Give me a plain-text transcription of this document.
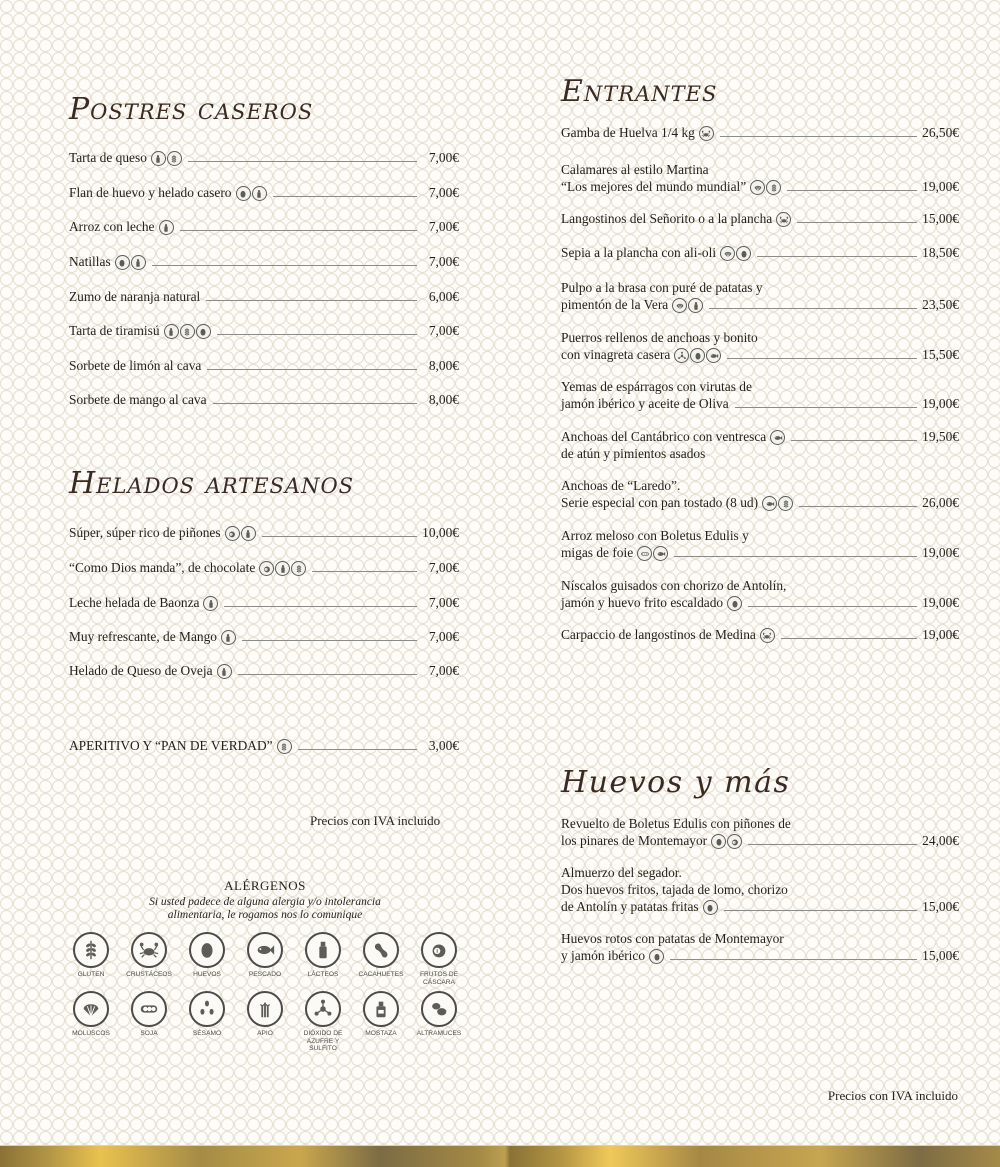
Postres caseros
Tarta de queso	7,00€
Flan de huevo y helado casero	7,00€
Arroz con leche	7,00€
Natillas	7,00€
Zumo de naranja natural	6,00€
Tarta de tiramisú	7,00€
Sorbete de limón al cava	8,00€
Sorbete de mango al cava	8,00€
Helados artesanos
Súper, súper rico de piñones	10,00€
“Como Dios manda”, de chocolate	7,00€
Leche helada de Baonza	7,00€
Muy refrescante, de Mango	7,00€
Helado de Queso de Oveja	7,00€
APERITIVO Y “PAN DE VERDAD”	3,00€
Precios con IVA incluido
ALÉRGENOS
Si usted padece de alguna alergia y/o intolerancia
alimentaria, le rogamos nos lo comunique
GLUTEN	CRUSTÁCEOS	HUEVOS	PESCADO	LÁCTEOS	CACAHUETES	FRUTOS DE CÁSCARA
MOLUSCOS	SOJA	SÉSAMO	APIO	DIÓXIDO DE AZUFRE Y SULFITO
MOSTAZA	ALTRAMUCES
Entrantes
Gamba de Huelva 1/4 kg	26,50€
Calamares al estilo Martina
“Los mejores del mundo mundial”	19,00€
Langostinos del Señorito o a la plancha	15,00€
Sepia a la plancha con ali-oli	18,50€
Pulpo a la brasa con puré de patatas y
pimentón de la Vera	23,50€
Puerros rellenos de anchoas y bonito
con vinagreta casera	15,50€
Yemas de espárragos con virutas de
jamón ibérico y aceite de Oliva	19,00€
Anchoas del Cantábrico con ventresca	19,50€
de atún y pimientos asados
Anchoas de “Laredo”.
Serie especial con pan tostado (8 ud)	26,00€
Arroz meloso con Boletus Edulis y
migas de foie	19,00€
Níscalos guisados con chorizo de Antolín,
jamón y huevo frito escaldado	19,00€
Carpaccio de langostinos de Medina	19,00€
Huevos y más
Revuelto de Boletus Edulis con piñones de
los pinares de Montemayor	24,00€
Almuerzo del segador.
Dos huevos fritos, tajada de lomo, chorizo
de Antolín y patatas fritas	15,00€
Huevos rotos con patatas de Montemayor
y jamón ibérico	15,00€
Precios con IVA incluido
